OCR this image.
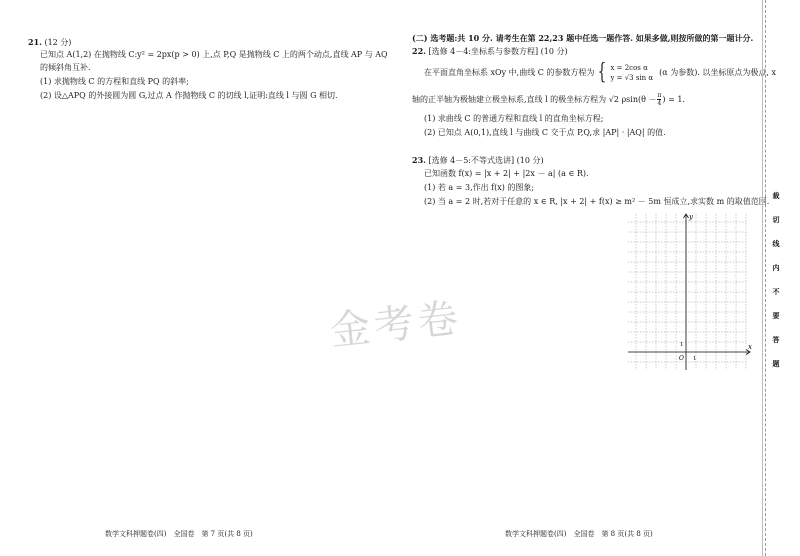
21. (12 分)
已知点 A(1,2) 在抛物线 C:y² = 2px(p > 0) 上,点 P,Q 是抛物线 C 上的两个动点,直线 AP 与 AQ
的倾斜角互补.
(1) 求抛物线 C 的方程和直线 PQ 的斜率;
(2) 设△APQ 的外接圆为圆 G,过点 A 作抛物线 C 的切线 l,证明:直线 l 与圆 G 相切.
数学文科押题卷(四)　全国卷　第 7 页(共 8 页)
金考卷
(二) 选考题:共 10 分. 请考生在第 22,23 题中任选一题作答. 如果多做,则按所做的第一题计分.
22. [选修 4－4:坐标系与参数方程] (10 分)
在平面直角坐标系 xOy 中,曲线 C 的参数方程为 { x = 2cos α
y = √3 sin α
(α 为参数). 以坐标原点为极点, x
轴的正半轴为极轴建立极坐标系,直线 l 的极坐标方程为 √2 $\rho\sin(\theta - \frac{\pi}{4}$ ) = 1.
(1) 求曲线 C 的普通方程和直线 l 的直角坐标方程;
(2) 已知点 A(0,1),直线 l 与曲线 C 交于点 P,Q,求 |AP| · |AQ| 的值.
23. [选修 4－5:不等式选讲] (10 分)
已知函数 f(x) = |x + 2| + |2x － a| (a ∈ R).
(1) 若 a = 3,作出 f(x) 的图象;
(2) 当 a = 2 时,若对于任意的 x ∈ R, |x + 2| + f(x) ≥ m² － 5m 恒成立,求实数 m 的取值范围.
y
x
O 1
1
数学文科押题卷(四)　全国卷　第 8 页(共 8 页)
裁
切
线
内
不
要
答
题
